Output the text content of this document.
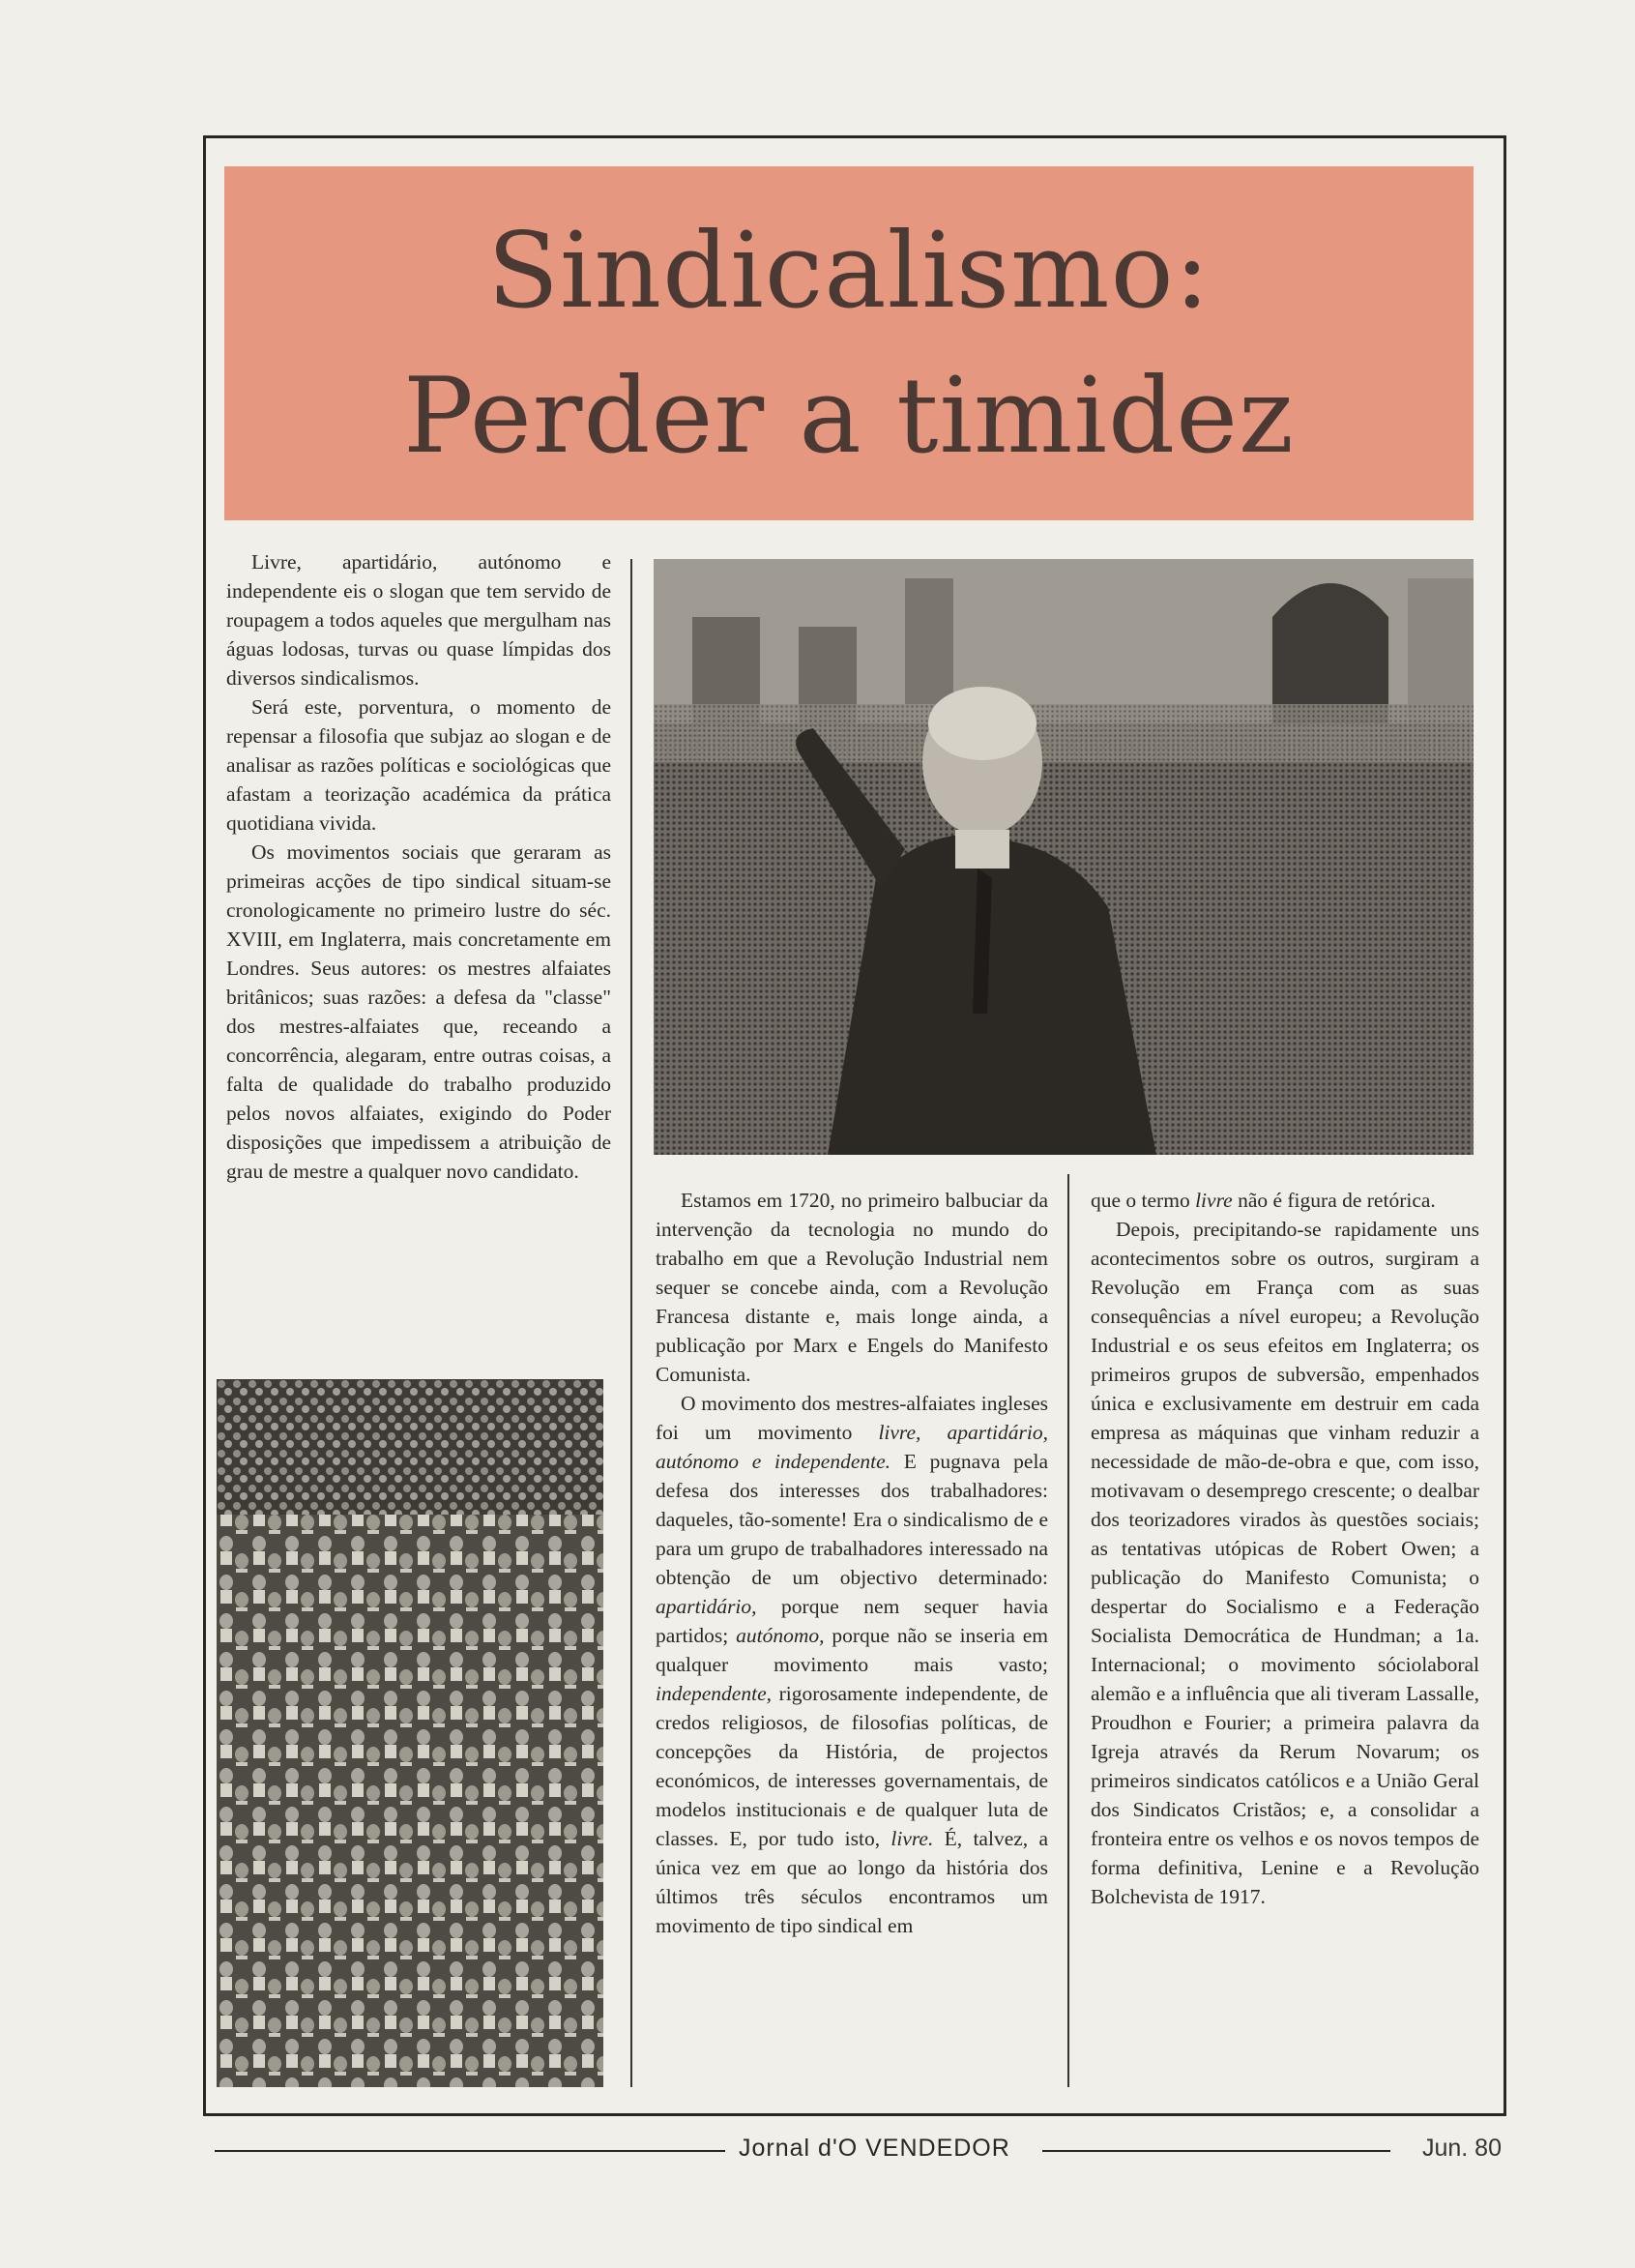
Sindicalismo:
Perder a timidez

Livre, apartidário, autónomo e independente eis o slogan que tem servido de roupagem a todos aqueles que mergulham nas águas lodosas, turvas ou quase límpidas dos diversos sindicalismos.

Será este, porventura, o momento de repensar a filosofia que subjaz ao slogan e de analisar as razões políticas e sociológicas que afastam a teorização académica da prática quotidiana vivida.

Os movimentos sociais que geraram as primeiras acções de tipo sindical situam-se cronologicamente no primeiro lustre do séc. XVIII, em Inglaterra, mais concretamente em Londres. Seus autores: os mestres alfaiates britânicos; suas razões: a defesa da "classe" dos mestres-alfaiates que, receando a concorrência, alegaram, entre outras coisas, a falta de qualidade do trabalho produzido pelos novos alfaiates, exigindo do Poder disposições que impedissem a atribuição de grau de mestre a qualquer novo candidato.

Estamos em 1720, no primeiro balbuciar da intervenção da tecnologia no mundo do trabalho em que a Revolução Industrial nem sequer se concebe ainda, com a Revolução Francesa distante e, mais longe ainda, a publicação por Marx e Engels do Manifesto Comunista.

O movimento dos mestres-alfaiates ingleses foi um movimento livre, apartidário, autónomo e independente. E pugnava pela defesa dos interesses dos trabalhadores: daqueles, tão-somente! Era o sindicalismo de e para um grupo de trabalhadores interessado na obtenção de um objectivo determinado: apartidário, porque nem sequer havia partidos; autónomo, porque não se inseria em qualquer movimento mais vasto; independente, rigorosamente independente, de credos religiosos, de filosofias políticas, de concepções da História, de projectos económicos, de interesses governamentais, de modelos institucionais e de qualquer luta de classes. E, por tudo isto, livre. É, talvez, a única vez em que ao longo da história dos últimos três séculos encontramos um movimento de tipo sindical em

que o termo livre não é figura de retórica.

Depois, precipitando-se rapidamente uns acontecimentos sobre os outros, surgiram a Revolução em França com as suas consequências a nível europeu; a Revolução Industrial e os seus efeitos em Inglaterra; os primeiros grupos de subversão, empenhados única e exclusivamente em destruir em cada empresa as máquinas que vinham reduzir a necessidade de mão-de-obra e que, com isso, motivavam o desemprego crescente; o dealbar dos teorizadores virados às questões sociais; as tentativas utópicas de Robert Owen; a publicação do Manifesto Comunista; o despertar do Socialismo e a Federação Socialista Democrática de Hundman; a 1a. Internacional; o movimento sóciolaboral alemão e a influência que ali tiveram Lassalle, Proudhon e Fourier; a primeira palavra da Igreja através da Rerum Novarum; os primeiros sindicatos católicos e a União Geral dos Sindicatos Cristãos; e, a consolidar a fronteira entre os velhos e os novos tempos de forma definitiva, Lenine e a Revolução Bolchevista de 1917.

Jornal d'O VENDEDOR	Jun. 80
